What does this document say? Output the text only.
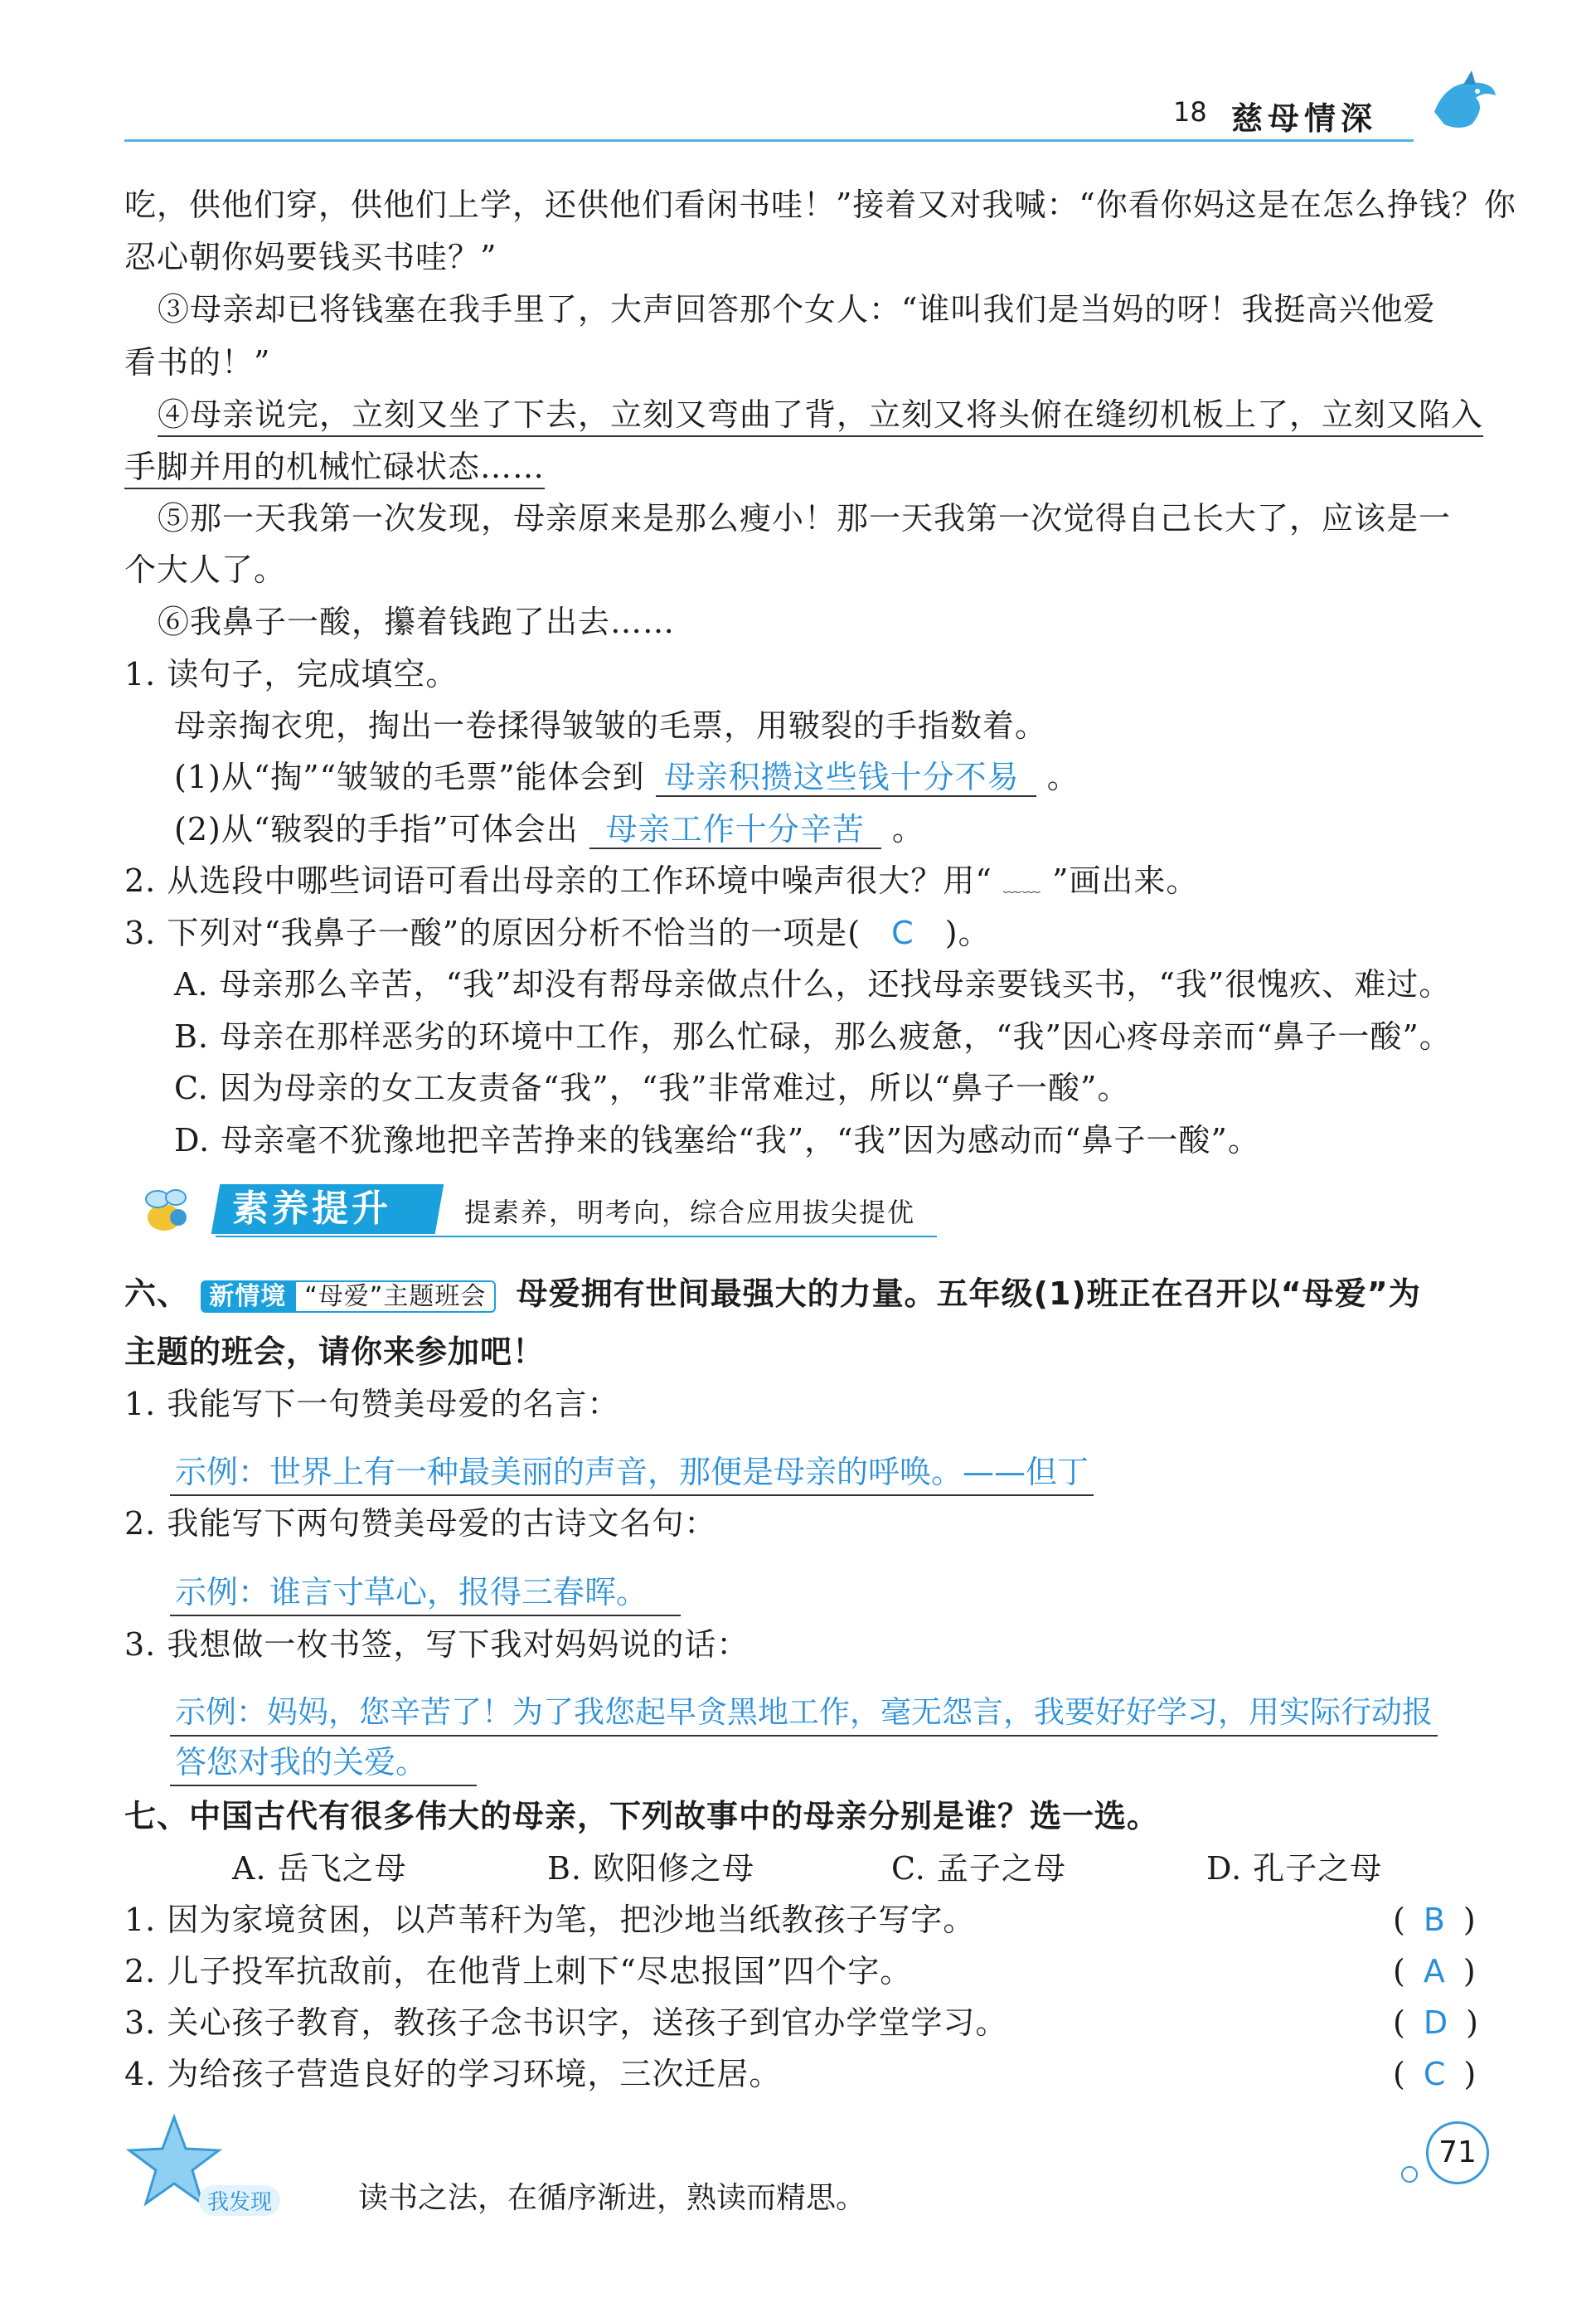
18 慈母情深
吃，供他们穿，供他们上学，还供他们看闲书哇！”接着又对我喊：“你看你妈这是在怎么挣钱？你
忍心朝你妈要钱买书哇？”
③母亲却已将钱塞在我手里了，大声回答那个女人：“谁叫我们是当妈的呀！我挺高兴他爱
看书的！”
④母亲说完，立刻又坐了下去，立刻又弯曲了背，立刻又将头俯在缝纫机板上了，立刻又陷入
手脚并用的机械忙碌状态……
⑤那一天我第一次发现，母亲原来是那么瘦小！那一天我第一次觉得自己长大了，应该是一
个大人了。
⑥我鼻子一酸，攥着钱跑了出去……
1. 读句子，完成填空。
母亲掏衣兜，掏出一卷揉得皱皱的毛票，用皲裂的手指数着。
(1)从“掏”“皱皱的毛票”能体会到 母亲积攒这些钱十分不易 。
(2)从“皲裂的手指”可体会出 母亲工作十分辛苦 。
2. 从选段中哪些词语可看出母亲的工作环境中噪声很大？用“ ﹏﹏ ”画出来。
3. 下列对“我鼻子一酸”的原因分析不恰当的一项是( C )。
A. 母亲那么辛苦，“我”却没有帮母亲做点什么，还找母亲要钱买书，“我”很愧疚、难过。
B. 母亲在那样恶劣的环境中工作，那么忙碌，那么疲惫，“我”因心疼母亲而“鼻子一酸”。
C. 因为母亲的女工友责备“我”，“我”非常难过，所以“鼻子一酸”。
D. 母亲毫不犹豫地把辛苦挣来的钱塞给“我”，“我”因为感动而“鼻子一酸”。
素养提升	提素养，明考向，综合应用拔尖提优
六、 新情境 “母爱”主题班会 母爱拥有世间最强大的力量。五年级(1)班正在召开以“母爱”为
主题的班会，请你来参加吧！
1. 我能写下一句赞美母爱的名言：
示例：世界上有一种最美丽的声音，那便是母亲的呼唤。——但丁
2. 我能写下两句赞美母爱的古诗文名句：
示例：谁言寸草心，报得三春晖。
3. 我想做一枚书签，写下我对妈妈说的话：
示例：妈妈，您辛苦了！为了我您起早贪黑地工作，毫无怨言，我要好好学习，用实际行动报
答您对我的关爱。
七、中国古代有很多伟大的母亲，下列故事中的母亲分别是谁？选一选。
A. 岳飞之母	B. 欧阳修之母	C. 孟子之母	D. 孔子之母
1. 因为家境贫困，以芦苇秆为笔，把沙地当纸教孩子写字。	( B )
2. 儿子投军抗敌前，在他背上刺下“尽忠报国”四个字。	( A )
3. 关心孩子教育，教孩子念书识字，送孩子到官办学堂学习。	( D )
4. 为给孩子营造良好的学习环境，三次迁居。	( C )
我发现	读书之法，在循序渐进，熟读而精思。
71
